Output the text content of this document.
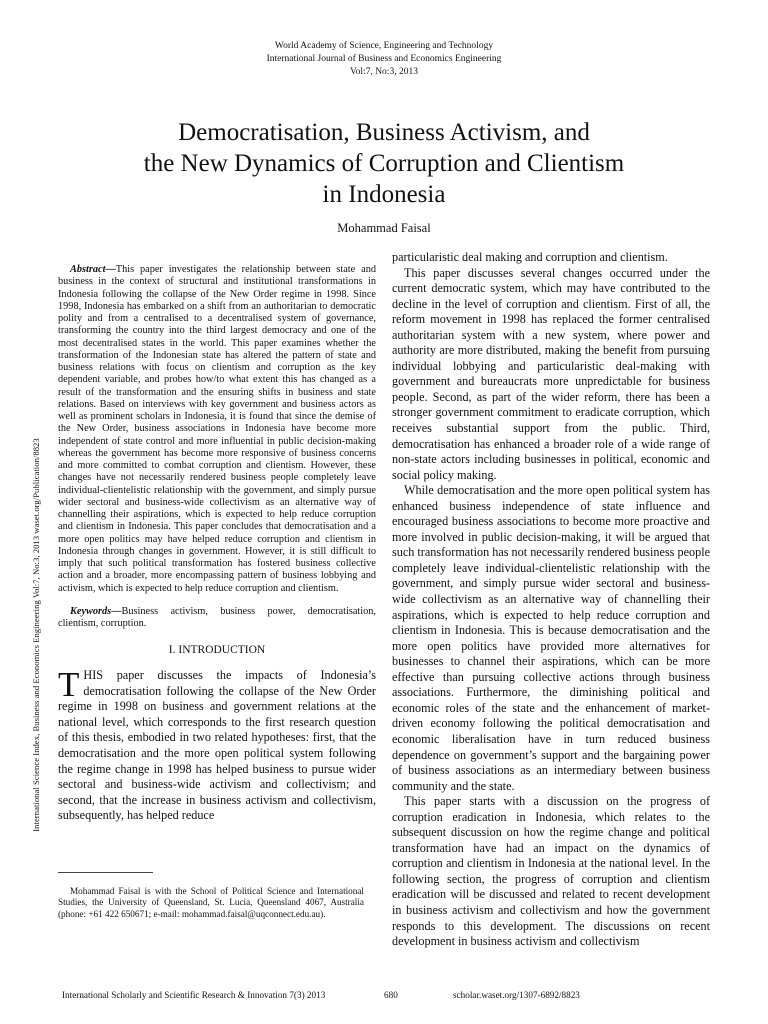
World Academy of Science, Engineering and Technology
International Journal of Business and Economics Engineering
Vol:7, No:3, 2013
Democratisation, Business Activism, and
the New Dynamics of Corruption and Clientism
in Indonesia
Mohammad Faisal
International Science Index, Business and Economics Engineering Vol:7, No:3, 2013 waset.org/Publication/8823

Abstract—This paper investigates the relationship between state and business in the context of structural and institutional transformations in Indonesia following the collapse of the New Order regime in 1998. Since 1998, Indonesia has embarked on a shift from an authoritarian to democratic polity and from a centralised to a decentralised system of governance, transforming the country into the third largest democracy and one of the most decentralised states in the world. This paper examines whether the transformation of the Indonesian state has altered the pattern of state and business relations with focus on clientism and corruption as the key dependent variable, and probes how/to what extent this has changed as a result of the transformation and the ensuring shifts in business and state relations. Based on interviews with key government and business actors as well as prominent scholars in Indonesia, it is found that since the demise of the New Order, business associations in Indonesia have become more independent of state control and more influential in public decision-making whereas the government has become more responsive of business concerns and more committed to combat corruption and clientism. However, these changes have not necessarily rendered business people completely leave individual-clientelistic relationship with the government, and simply pursue wider sectoral and business-wide collectivism as an alternative way of channelling their aspirations, which is expected to help reduce corruption and clientism in Indonesia. This paper concludes that democratisation and a more open politics may have helped reduce corruption and clientism in Indonesia through changes in government. However, it is still difficult to imply that such political transformation has fostered business collective action and a broader, more encompassing pattern of business lobbying and activism, which is expected to help reduce corruption and clientism.

Keywords—Business activism, business power, democratisation, clientism, corruption.

I. INTRODUCTION

THIS paper discusses the impacts of Indonesia’s democratisation following the collapse of the New Order regime in 1998 on business and government relations at the national level, which corresponds to the first research question of this thesis, embodied in two related hypotheses: first, that the democratisation and the more open political system following the regime change in 1998 has helped business to pursue wider sectoral and business-wide activism and collectivism; and second, that the increase in business activism and collectivism, subsequently, has helped reduce

Mohammad Faisal is with the School of Political Science and International Studies, the University of Queensland, St. Lucia, Queensland 4067, Australia (phone: +61 422 650671; e-mail: mohammad.faisal@uqconnect.edu.au).

particularistic deal making and corruption and clientism.

This paper discusses several changes occurred under the current democratic system, which may have contributed to the decline in the level of corruption and clientism. First of all, the reform movement in 1998 has replaced the former centralised authoritarian system with a new system, where power and authority are more distributed, making the benefit from pursuing individual lobbying and particularistic deal-making with government and bureaucrats more unpredictable for business people. Second, as part of the wider reform, there has been a stronger government commitment to eradicate corruption, which receives substantial support from the public. Third, democratisation has enhanced a broader role of a wide range of non-state actors including businesses in political, economic and social policy making.

While democratisation and the more open political system has enhanced business independence of state influence and encouraged business associations to become more proactive and more involved in public decision-making, it will be argued that such transformation has not necessarily rendered business people completely leave individual-clientelistic relationship with the government, and simply pursue wider sectoral and business-wide collectivism as an alternative way of channelling their aspirations, which is expected to help reduce corruption and clientism in Indonesia. This is because democratisation and the more open politics have provided more alternatives for businesses to channel their aspirations, which can be more effective than pursuing collective actions through business associations. Furthermore, the diminishing political and economic roles of the state and the enhancement of market-driven economy following the political democratisation and economic liberalisation have in turn reduced business dependence on government’s support and the bargaining power of business associations as an intermediary between business community and the state.

This paper starts with a discussion on the progress of corruption eradication in Indonesia, which relates to the subsequent discussion on how the regime change and political transformation have had an impact on the dynamics of corruption and clientism in Indonesia at the national level. In the following section, the progress of corruption and clientism eradication will be discussed and related to recent development in business activism and collectivism and how the government responds to this development. The discussions on recent development in business activism and collectivism

International Scholarly and Scientific Research & Innovation 7(3) 2013	680	scholar.waset.org/1307-6892/8823
